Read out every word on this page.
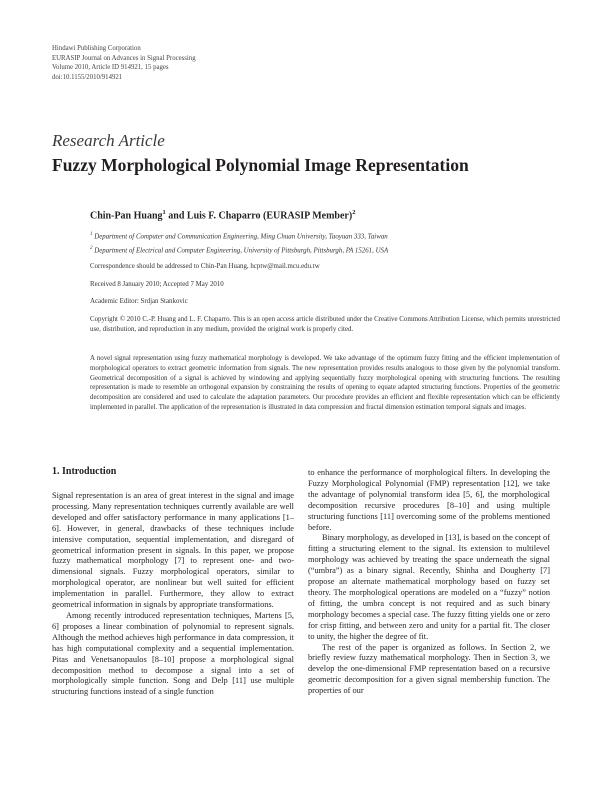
Hindawi Publishing Corporation
EURASIP Journal on Advances in Signal Processing
Volume 2010, Article ID 914921, 15 pages
doi:10.1155/2010/914921
Research Article
Fuzzy Morphological Polynomial Image Representation
Chin-Pan Huang$^1$ and Luis F. Chaparro (EURASIP Member)$^2$
$^1$ Department of Computer and Communication Engineering, Ming Chuan University, Taoyuan 333, Taiwan
$^2$ Department of Electrical and Computer Engineering, University of Pittsburgh, Pittsburgh, PA 15261, USA
Correspondence should be addressed to Chin-Pan Huang, hcptw@mail.mcu.edu.tw
Received 8 January 2010; Accepted 7 May 2010
Academic Editor: Srdjan Stankovic
Copyright © 2010 C.-P. Huang and L. F. Chaparro. This is an open access article distributed under the Creative Commons Attribution License, which permits unrestricted use, distribution, and reproduction in any medium, provided the original work is properly cited.
A novel signal representation using fuzzy mathematical morphology is developed. We take advantage of the optimum fuzzy fitting and the efficient implementation of morphological operators to extract geometric information from signals. The new representation provides results analogous to those given by the polynomial transform. Geometrical decomposition of a signal is achieved by windowing and applying sequentially fuzzy morphological opening with structuring functions. The resulting representation is made to resemble an orthogonal expansion by constraining the results of opening to equate adapted structuring functions. Properties of the geometric decomposition are considered and used to calculate the adaptation parameters. Our procedure provides an efficient and flexible representation which can be efficiently implemented in parallel. The application of the representation is illustrated in data compression and fractal dimension estimation temporal signals and images.
1. Introduction

Signal representation is an area of great interest in the signal and image processing. Many representation techniques currently available are well developed and offer satisfactory performance in many applications [1–6]. However, in general, drawbacks of these techniques include intensive computation, sequential implementation, and disregard of geometrical information present in signals. In this paper, we propose fuzzy mathematical morphology [7] to represent one- and two-dimensional signals. Fuzzy morphological operators, similar to morphological operator, are nonlinear but well suited for efficient implementation in parallel. Furthermore, they allow to extract geometrical information in signals by appropriate transformations.

Among recently introduced representation techniques, Martens [5, 6] proposes a linear combination of polynomial to represent signals. Although the method achieves high performance in data compression, it has high computational complexity and a sequential implementation. Pitas and Venetsanopaulos [8–10] propose a morphological signal decomposition method to decompose a signal into a set of morphologically simple function. Song and Delp [11] use multiple structuring functions instead of a single function

to enhance the performance of morphological filters. In developing the Fuzzy Morphological Polynomial (FMP) representation [12], we take the advantage of polynomial transform idea [5, 6], the morphological decomposition recursive procedures [8–10] and using multiple structuring functions [11] overcoming some of the problems mentioned before.

Binary morphology, as developed in [13], is based on the concept of fitting a structuring element to the signal. Its extension to multilevel morphology was achieved by treating the space underneath the signal (“umbra”) as a binary signal. Recently, Shinha and Dougherty [7] propose an alternate mathematical morphology based on fuzzy set theory. The morphological operations are modeled on a “fuzzy” notion of fitting, the umbra concept is not required and as such binary morphology becomes a special case. The fuzzy fitting yields one or zero for crisp fitting, and between zero and unity for a partial fit. The closer to unity, the higher the degree of fit.

The rest of the paper is organized as follows. In Section 2, we briefly review fuzzy mathematical morphology. Then in Section 3, we develop the one-dimensional FMP representation based on a recursive geometric decomposition for a given signal membership function. The properties of our
